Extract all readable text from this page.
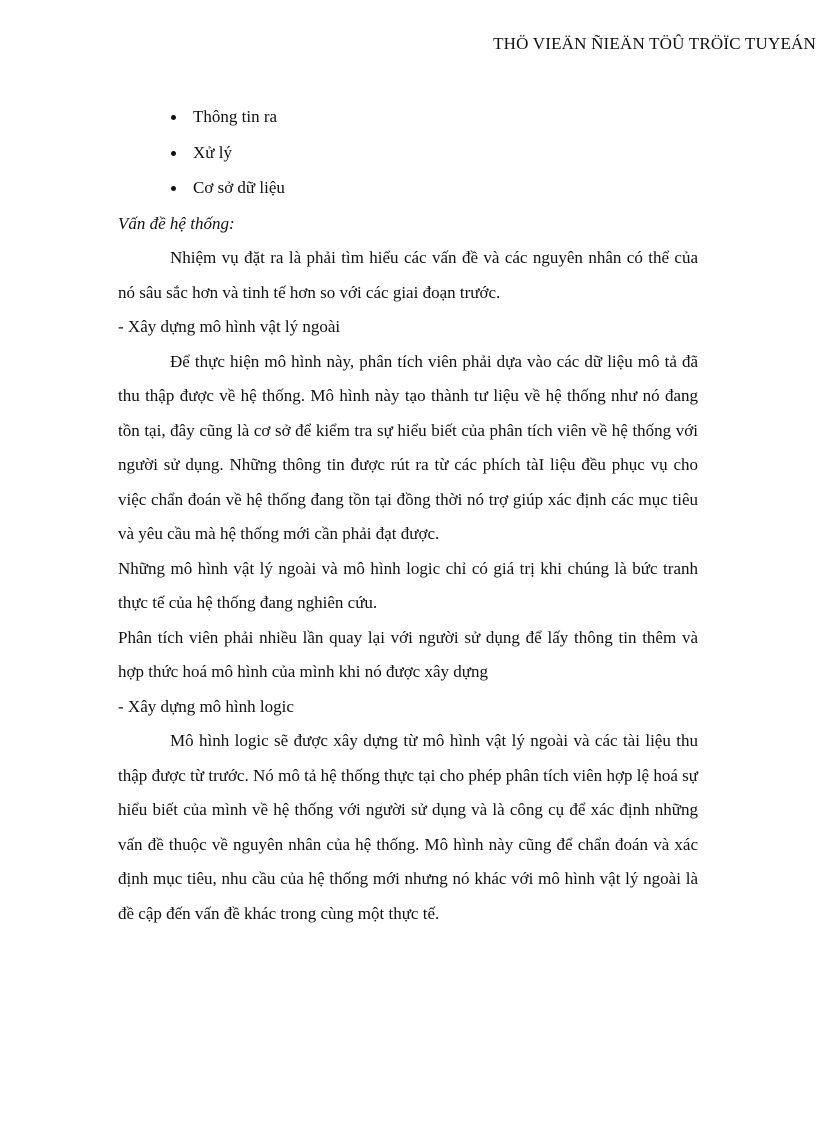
THÖ VIEÄN ÑIEÄN TÖÛ TRÖÏC TUYEÁN
Thông tin ra
Xử lý
Cơ sở dữ liệu

Vấn đề hệ thống:

Nhiệm vụ đặt ra là phải tìm hiểu các vấn đề và các nguyên nhân có thể của nó sâu sắc hơn và tinh tế hơn so với các giai đoạn trước.

- Xây dựng mô hình vật lý ngoài

Để thực hiện mô hình này, phân tích viên phải dựa vào các dữ liệu mô tả đã thu thập được về hệ thống. Mô hình này tạo thành tư liệu về hệ thống như nó đang tồn tại, đây cũng là cơ sở để kiểm tra sự hiểu biết của phân tích viên về hệ thống với người sử dụng. Những thông tin được rút ra từ các phích tàI liệu đều phục vụ cho việc chẩn đoán về hệ thống đang tồn tại đồng thời nó trợ giúp xác định các mục tiêu và yêu cầu mà hệ thống mới cần phải đạt được.

Những mô hình vật lý ngoài và mô hình logic chỉ có giá trị khi chúng là bức tranh thực tế của hệ thống đang nghiên cứu.

Phân tích viên phải nhiều lần quay lại với người sử dụng để lấy thông tin thêm và hợp thức hoá mô hình của mình khi nó được xây dựng

- Xây dựng mô hình logic

Mô hình logic sẽ được xây dựng từ mô hình vật lý ngoài và các tài liệu thu thập được từ trước. Nó mô tả hệ thống thực tại cho phép phân tích viên hợp lệ hoá sự hiểu biết của mình về hệ thống với người sử dụng và là công cụ để xác định những vấn đề thuộc về nguyên nhân của hệ thống. Mô hình này cũng để chẩn đoán và xác định mục tiêu, nhu cầu của hệ thống mới nhưng nó khác với mô hình vật lý ngoài là đề cập đến vấn đề khác trong cùng một thực tế.
